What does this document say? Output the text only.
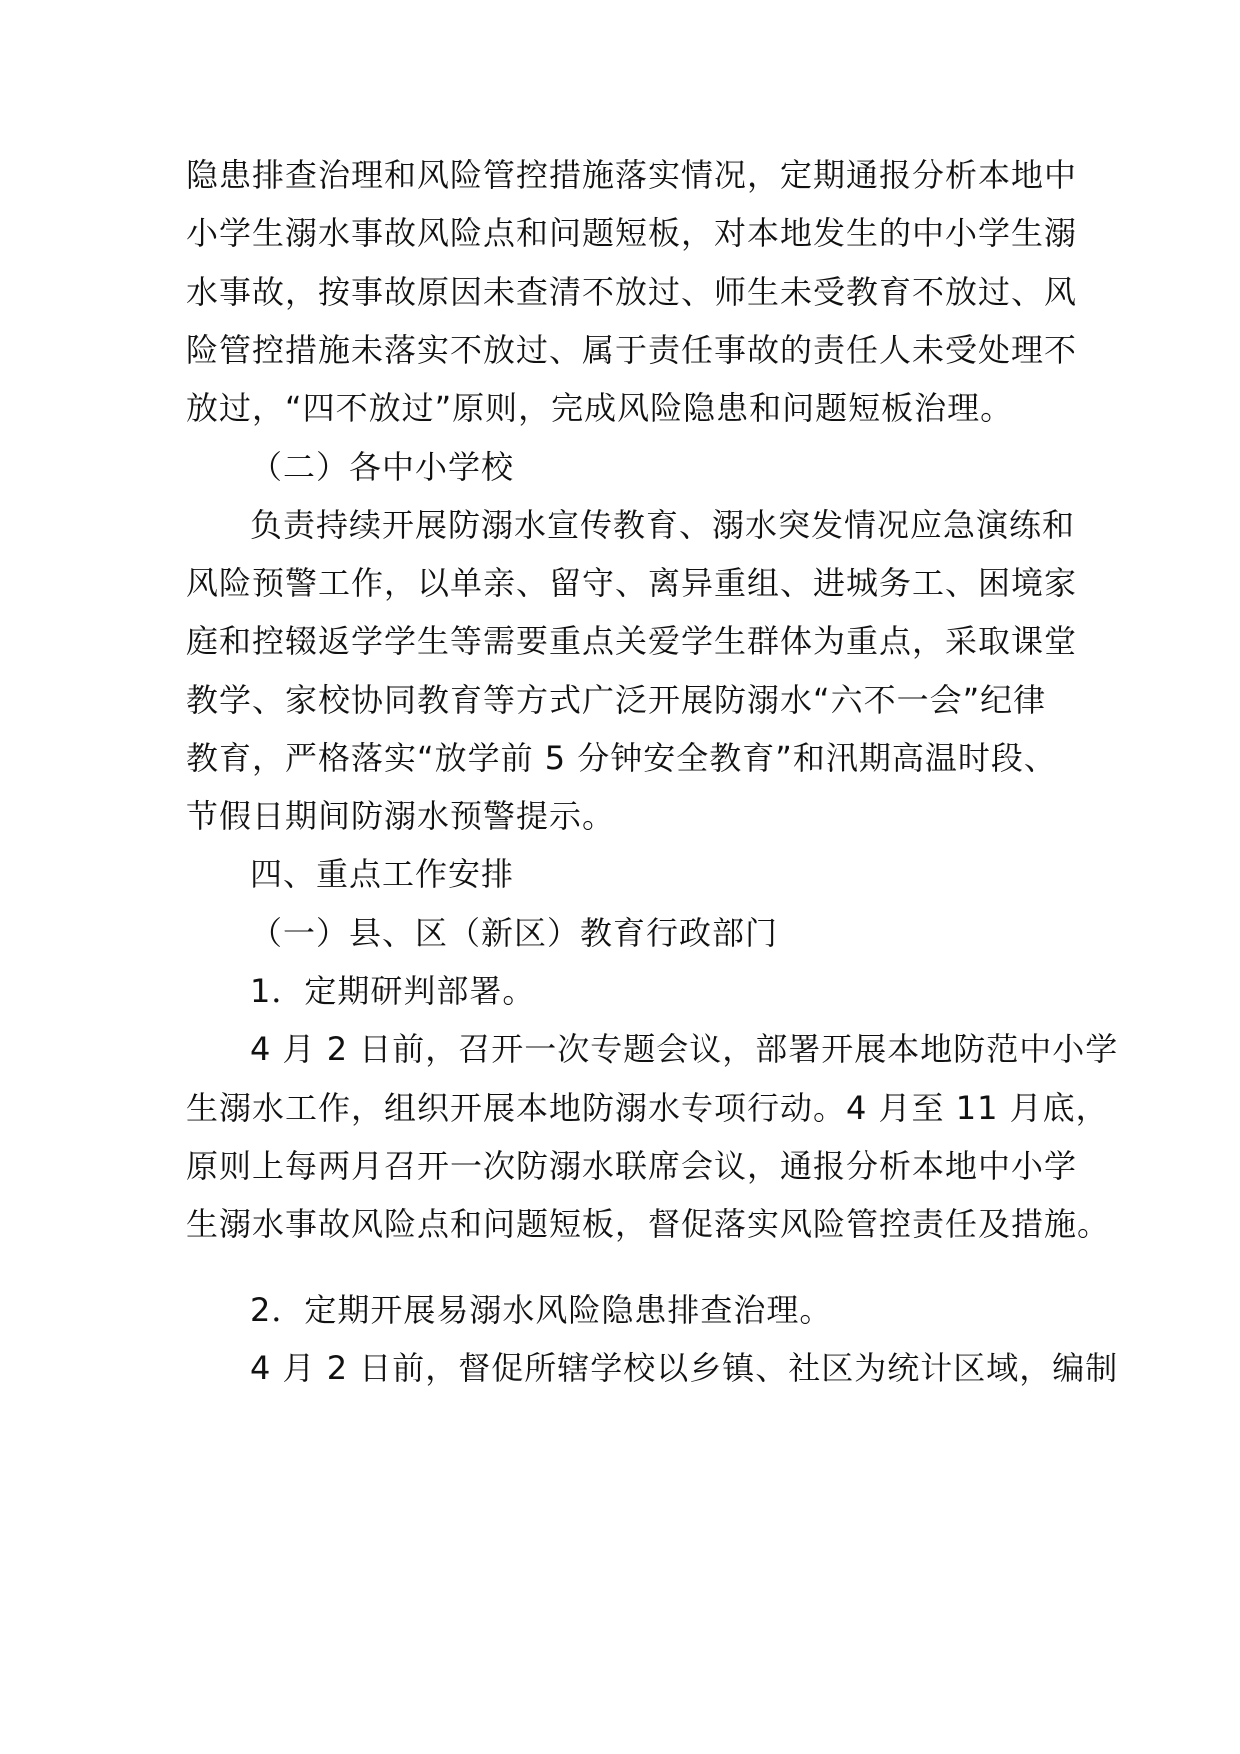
隐患排查治理和风险管控措施落实情况，定期通报分析本地中
小学生溺水事故风险点和问题短板，对本地发生的中小学生溺
水事故，按事故原因未查清不放过、师生未受教育不放过、风
险管控措施未落实不放过、属于责任事故的责任人未受处理不
放过，“四不放过”原则，完成风险隐患和问题短板治理。
（二）各中小学校
负责持续开展防溺水宣传教育、溺水突发情况应急演练和
风险预警工作，以单亲、留守、离异重组、进城务工、困境家
庭和控辍返学学生等需要重点关爱学生群体为重点，采取课堂
教学、家校协同教育等方式广泛开展防溺水“六不一会”纪律
教育，严格落实“放学前 5 分钟安全教育”和汛期高温时段、
节假日期间防溺水预警提示。
四、重点工作安排
（一）县、区（新区）教育行政部门
1．定期研判部署。
4 月 2 日前，召开一次专题会议，部署开展本地防范中小学
生溺水工作，组织开展本地防溺水专项行动。4 月至 11 月底，
原则上每两月召开一次防溺水联席会议，通报分析本地中小学
生溺水事故风险点和问题短板，督促落实风险管控责任及措施。
2．定期开展易溺水风险隐患排查治理。
4 月 2 日前，督促所辖学校以乡镇、社区为统计区域，编制
